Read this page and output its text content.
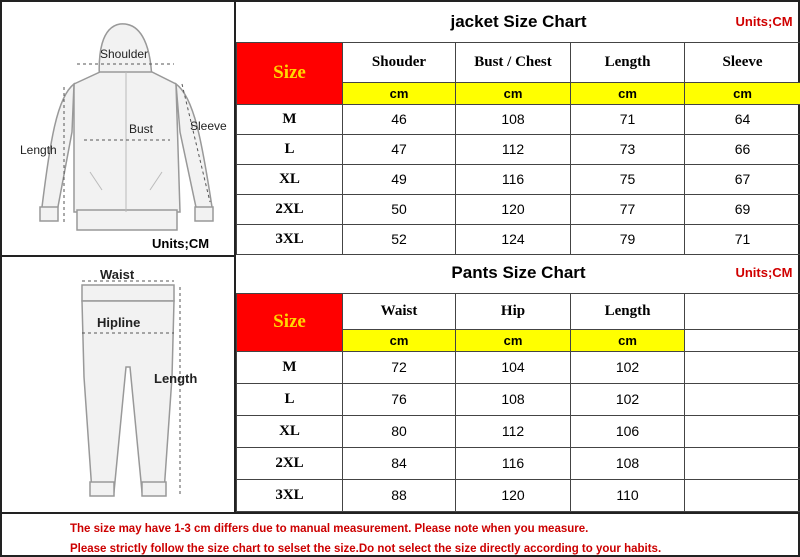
Shoulder
Bust	Sleeve
Length
Units;CM
Waist
Hipline
Length
jacket Size Chart Units;CM				

Size	Shouder	Bust / Chest	Length	Sleeve
	cm	cm	cm	cm
M	46	108	71	64
L	47	112	73	66
XL	49	116	75	67
2XL	50	120	77	69
3XL	52	124	79	71
Pants Size Chart Units;CM				

Size	Waist	Hip	Length	
	cm	cm	cm	
M	72	104	102	
L	76	108	102	
XL	80	112	106	
2XL	84	116	108	
3XL	88	120	110	
The size may have 1-3 cm differs due to manual measurement. Please note when you measure.
Please strictly follow the size chart to selset the size.Do not select the size directly according to your habits.
